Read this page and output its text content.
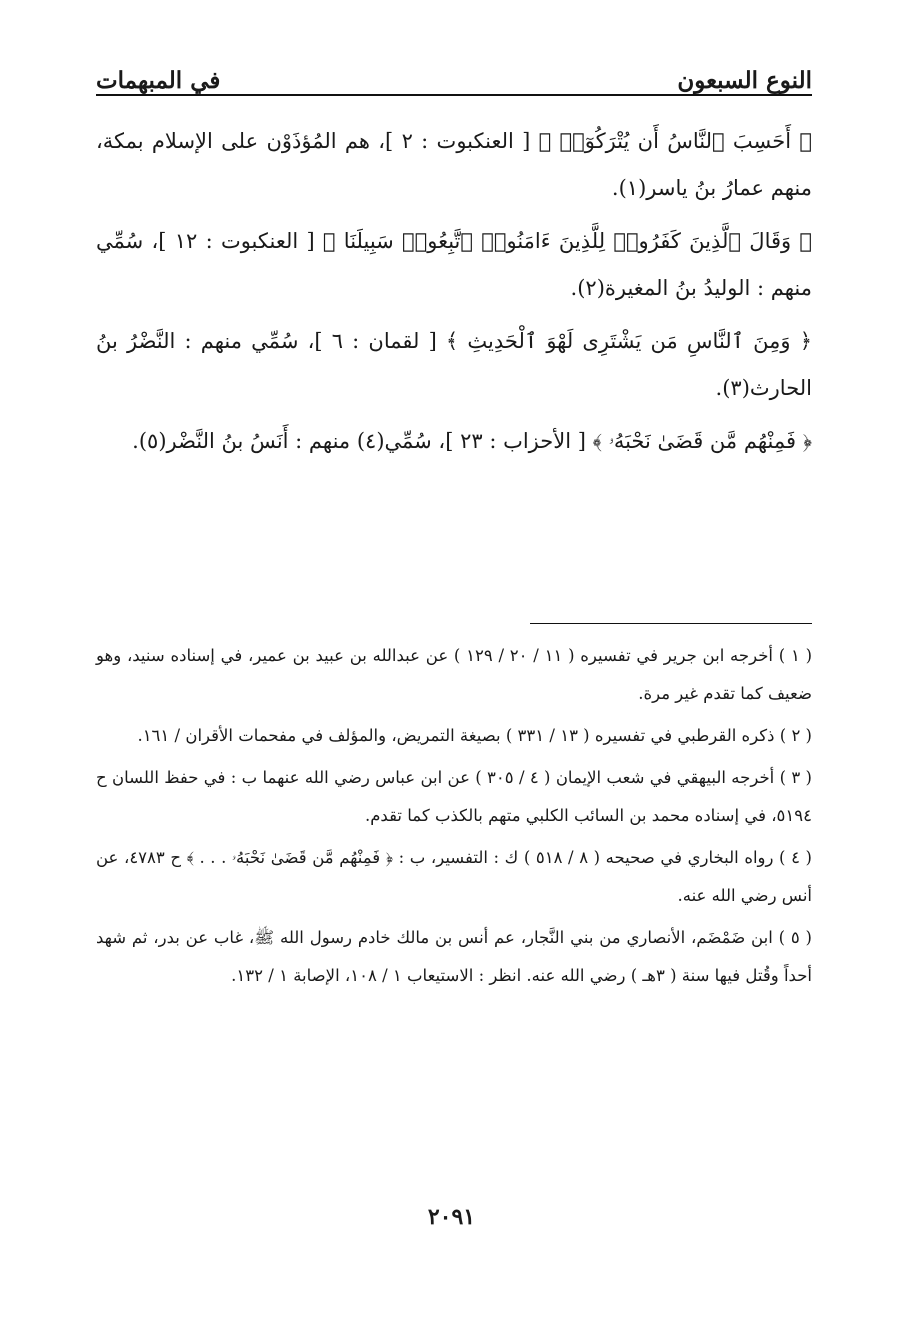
النوع السبعون
في المبهمات

﴿ أَحَسِبَ ٱلنَّاسُ أَن يُتْرَكُوٓا۟ ﴾ [ العنكبوت : ٢ ]، هم المُؤذَوْن على الإسلام بمكة، منهم عمارُ بنُ ياسر(١).

﴿ وَقَالَ ٱلَّذِينَ كَفَرُوا۟ لِلَّذِينَ ءَامَنُوا۟ ٱتَّبِعُوا۟ سَبِيلَنَا ﴾ [ العنكبوت : ١٢ ]، سُمِّي منهم : الوليدُ بنُ المغيرة(٢).

﴿ وَمِنَ ٱلنَّاسِ مَن يَشْتَرِى لَهْوَ ٱلْحَدِيثِ ﴾ [ لقمان : ٦ ]، سُمِّي منهم : النَّضْرُ بنُ الحارث(٣).

﴿ فَمِنْهُم مَّن قَضَىٰ نَحْبَهُۥ ﴾ [ الأحزاب : ٢٣ ]، سُمِّي(٤) منهم : أَنَسُ بنُ النَّضْر(٥).

( ١ ) أخرجه ابن جرير في تفسيره ( ١١ / ٢٠ / ١٢٩ ) عن عبدالله بن عبيد بن عمير، في إسناده سنيد، وهو ضعيف كما تقدم غير مرة.

( ٢ ) ذكره القرطبي في تفسيره ( ١٣ / ٣٣١ ) بصيغة التمريض، والمؤلف في مفحمات الأقران / ١٦١.

( ٣ ) أخرجه البيهقي في شعب الإيمان ( ٤ / ٣٠٥ ) عن ابن عباس رضي الله عنهما ب : في حفظ اللسان ح ٥١٩٤، في إسناده محمد بن السائب الكلبي متهم بالكذب كما تقدم.

( ٤ ) رواه البخاري في صحيحه ( ٨ / ٥١٨ ) ك : التفسير، ب : ﴿ فَمِنْهُم مَّن قَضَىٰ نَحْبَهُۥ . . . ﴾ ح ٤٧٨٣، عن أنس رضي الله عنه.

( ٥ ) ابن ضَمْضَم، الأنصاري من بني النَّجار، عم أنس بن مالك خادم رسول الله ﷺ، غاب عن بدر، ثم شهد أحداً وقُتل فيها سنة ( ٣هـ ) رضي الله عنه. انظر : الاستيعاب ١ / ١٠٨، الإصابة ١ / ١٣٢.

٢٠٩١
